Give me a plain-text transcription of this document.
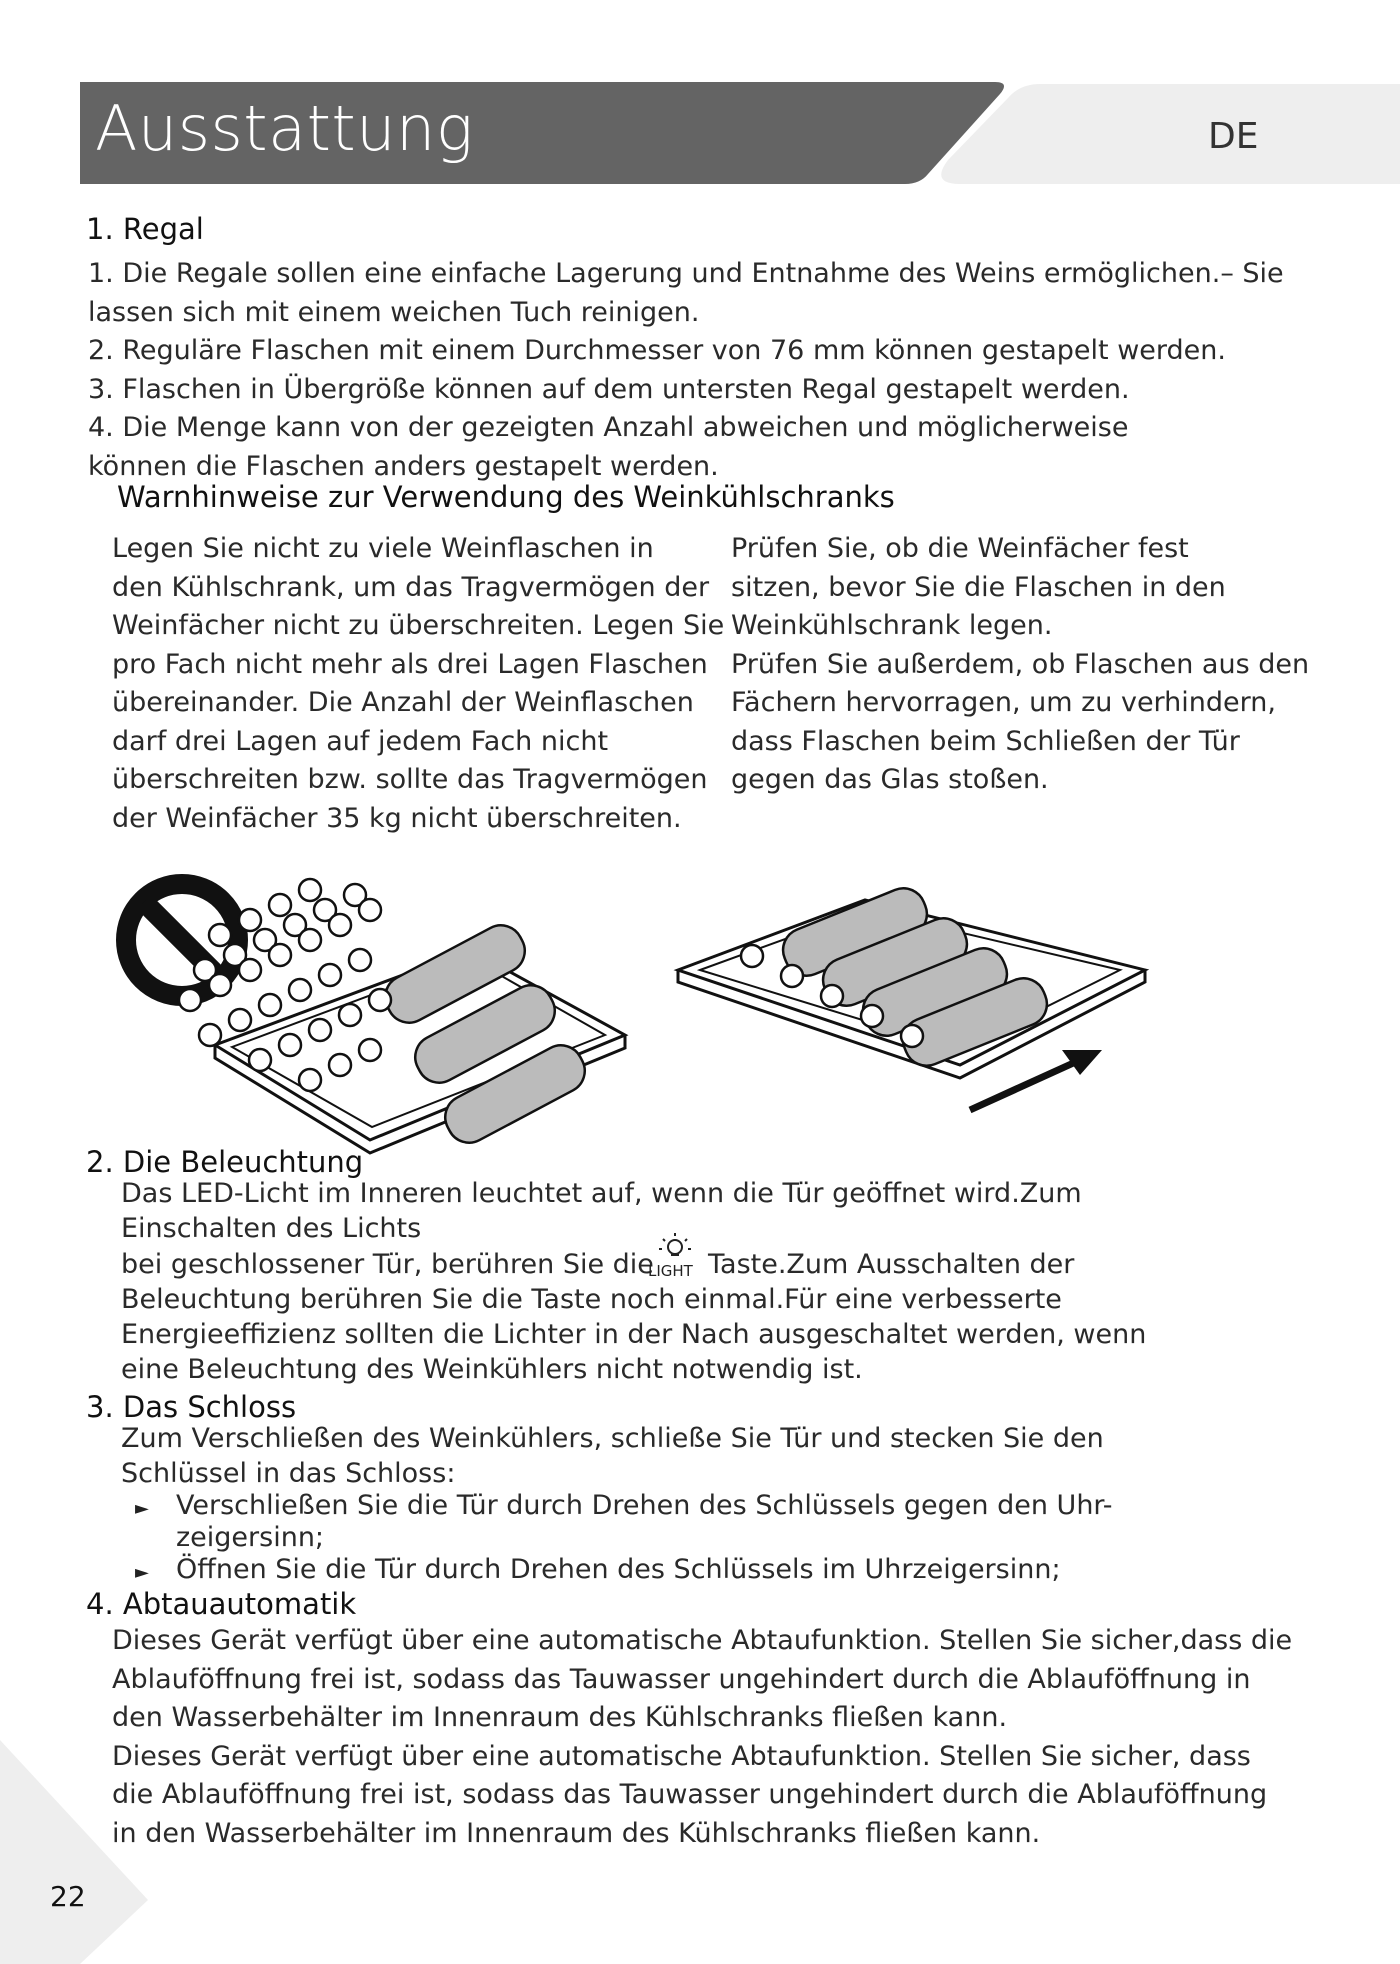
Ausstattung	DE
1. Regal
1. Die Regale sollen eine einfache Lagerung und Entnahme des Weins ermöglichen.– Sie
lassen sich mit einem weichen Tuch reinigen.
2. Reguläre Flaschen mit einem Durchmesser von 76 mm können gestapelt werden.
3. Flaschen in Übergröße können auf dem untersten Regal gestapelt werden.
4. Die Menge kann von der gezeigten Anzahl abweichen und möglicherweise
können die Flaschen anders gestapelt werden.
Warnhinweise zur Verwendung des Weinkühlschranks
Legen Sie nicht zu viele Weinflaschen in
den Kühlschrank, um das Tragvermögen der
Weinfächer nicht zu überschreiten. Legen Sie
pro Fach nicht mehr als drei Lagen Flaschen
übereinander. Die Anzahl der Weinflaschen
darf drei Lagen auf jedem Fach nicht
überschreiten bzw. sollte das Tragvermögen
der Weinfächer 35 kg nicht überschreiten.
Prüfen Sie, ob die Weinfächer fest
sitzen, bevor Sie die Flaschen in den
Weinkühlschrank legen.
Prüfen Sie außerdem, ob Flaschen aus den
Fächern hervorragen, um zu verhindern,
dass Flaschen beim Schließen der Tür
gegen das Glas stoßen.
2. Die Beleuchtung
Das LED-Licht im Inneren leuchtet auf, wenn die Tür geöffnet wird.Zum
Einschalten des Lichts
bei geschlossener Tür, berühren Sie die
LIGHT Taste.Zum Ausschalten der
Beleuchtung berühren Sie die Taste noch einmal.Für eine verbesserte
Energieeffizienz sollten die Lichter in der Nach ausgeschaltet werden, wenn
eine Beleuchtung des Weinkühlers nicht notwendig ist.
3. Das Schloss
Zum Verschließen des Weinkühlers, schließe Sie Tür und stecken Sie den
Schlüssel in das Schloss:
► Verschließen Sie die Tür durch Drehen des Schlüssels gegen den Uhr-
zeigersinn;
► Öffnen Sie die Tür durch Drehen des Schlüssels im Uhrzeigersinn;
4. Abtauautomatik
Dieses Gerät verfügt über eine automatische Abtaufunktion. Stellen Sie sicher,dass die
Ablauföffnung frei ist, sodass das Tauwasser ungehindert durch die Ablauföffnung in
den Wasserbehälter im Innenraum des Kühlschranks fließen kann.
Dieses Gerät verfügt über eine automatische Abtaufunktion. Stellen Sie sicher, dass
die Ablauföffnung frei ist, sodass das Tauwasser ungehindert durch die Ablauföffnung
in den Wasserbehälter im Innenraum des Kühlschranks fließen kann.
22
